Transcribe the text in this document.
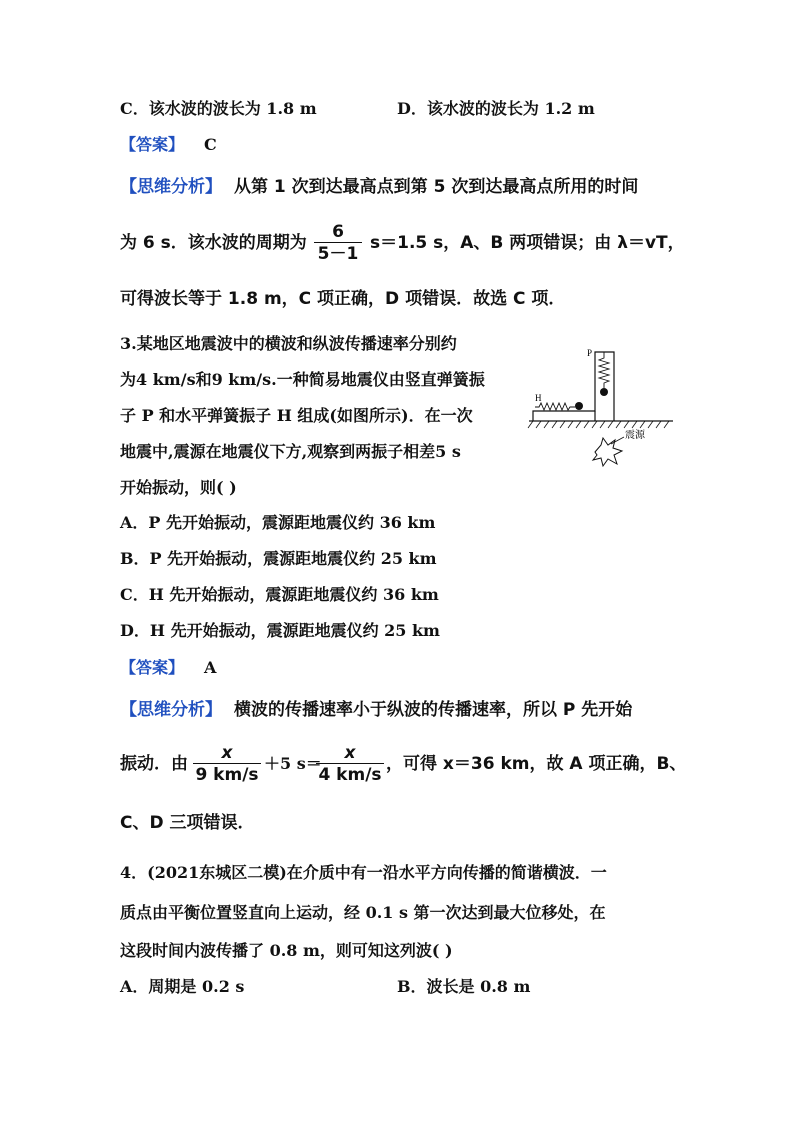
C．该水波的波长为 1.8 m	D．该水波的波长为 1.2 m
【答案】 C
【思维分析】 从第 1 次到达最高点到第 5 次到达最高点所用的时间
为 6 s．该水波的周期为
6
5－1
s＝1.5 s，A、B 两项错误；由 λ＝vT，
可得波长等于 1.8 m，C 项正确，D 项错误．故选 C 项．
3.某地区地震波中的横波和纵波传播速率分别约
为4 km/s和9 km/s.一种简易地震仪由竖直弹簧振
子 P 和水平弹簧振子 H 组成(如图所示)．在一次
地震中,震源在地震仪下方,观察到两振子相差5 s
开始振动，则( )
P
H
震源
A．P 先开始振动，震源距地震仪约 36 km
B．P 先开始振动，震源距地震仪约 25 km
C．H 先开始振动，震源距地震仪约 36 km
D．H 先开始振动，震源距地震仪约 25 km
【答案】 A
【思维分析】 横波的传播速率小于纵波的传播速率，所以 P 先开始
振动．由
x
9 km/s
＋5 s＝
x
4 km/s
，可得 x＝36 km，故 A 项正确，B、
C、D 三项错误．
4．(2021东城区二模)在介质中有一沿水平方向传播的简谐横波．一
质点由平衡位置竖直向上运动，经 0.1 s 第一次达到最大位移处，在
这段时间内波传播了 0.8 m，则可知这列波( )
A．周期是 0.2 s	B．波长是 0.8 m
